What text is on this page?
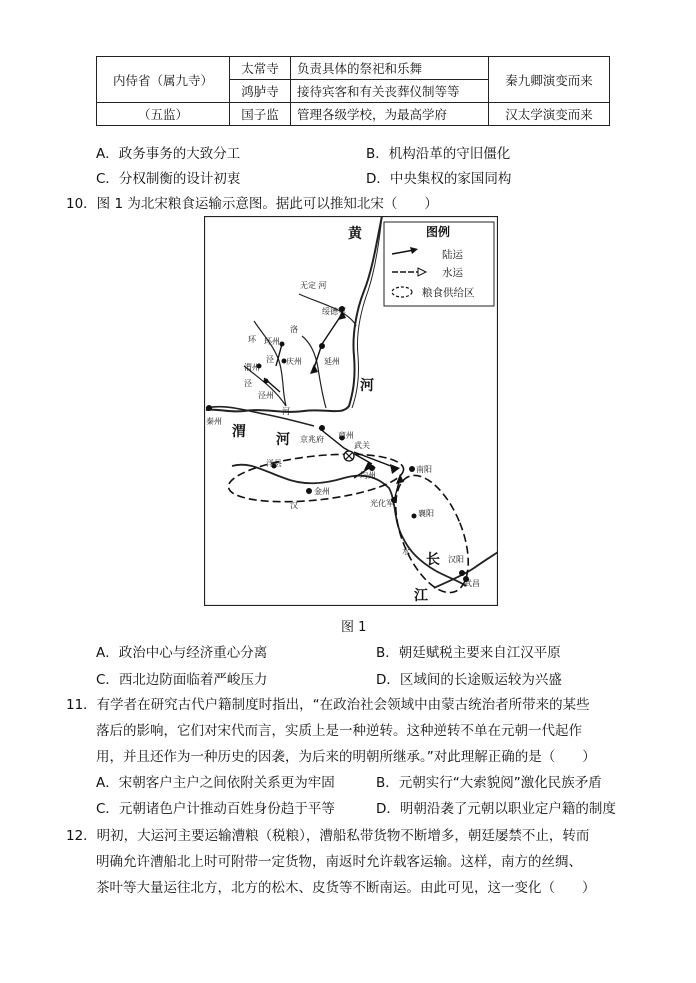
内侍省（属九寺）	太常寺	负责具体的祭祀和乐舞	秦九卿演变而来
	鸿胪寺	接待宾客和有关丧葬仪制等等	
（五监）	国子监	管理各级学校，为最高学府	汉太学演变而来
A．政务事务的大致分工	B．机构沿革的守旧僵化
C．分权制衡的设计初衷	D．中央集权的家国同构
10．图 1 为北宋粮食运输示意图。据此可以推知北宋（　　）
图例
陆运
水运
粮食供给区
黄
河
渭 河
长
江
无定 河
绥德军
洛
环 环州
庆州	延州
泾
渭州
泾
泾州
河
秦州
京兆府 商州
武关
均州
南阳
洋县
金州
汉	光化军
襄阳
水
汉阳
武昌
图 1
A．政治中心与经济重心分离	B．朝廷赋税主要来自江汉平原
C．西北边防面临着严峻压力	D．区域间的长途贩运较为兴盛
11．有学者在研究古代户籍制度时指出，“在政治社会领域中由蒙古统治者所带来的某些
落后的影响，它们对宋代而言，实质上是一种逆转。这种逆转不单在元朝一代起作
用，并且还作为一种历史的因袭，为后来的明朝所继承。”对此理解正确的是（　　）
A．宋朝客户主户之间依附关系更为牢固	B．元朝实行“大索貌阅”激化民族矛盾
C．元朝诸色户计推动百姓身份趋于平等	D．明朝沿袭了元朝以职业定户籍的制度
12．明初，大运河主要运输漕粮（税粮），漕船私带货物不断增多，朝廷屡禁不止，转而
明确允许漕船北上时可附带一定货物，南返时允许载客运输。这样，南方的丝绸、
茶叶等大量运往北方，北方的松木、皮货等不断南运。由此可见，这一变化（　　）
